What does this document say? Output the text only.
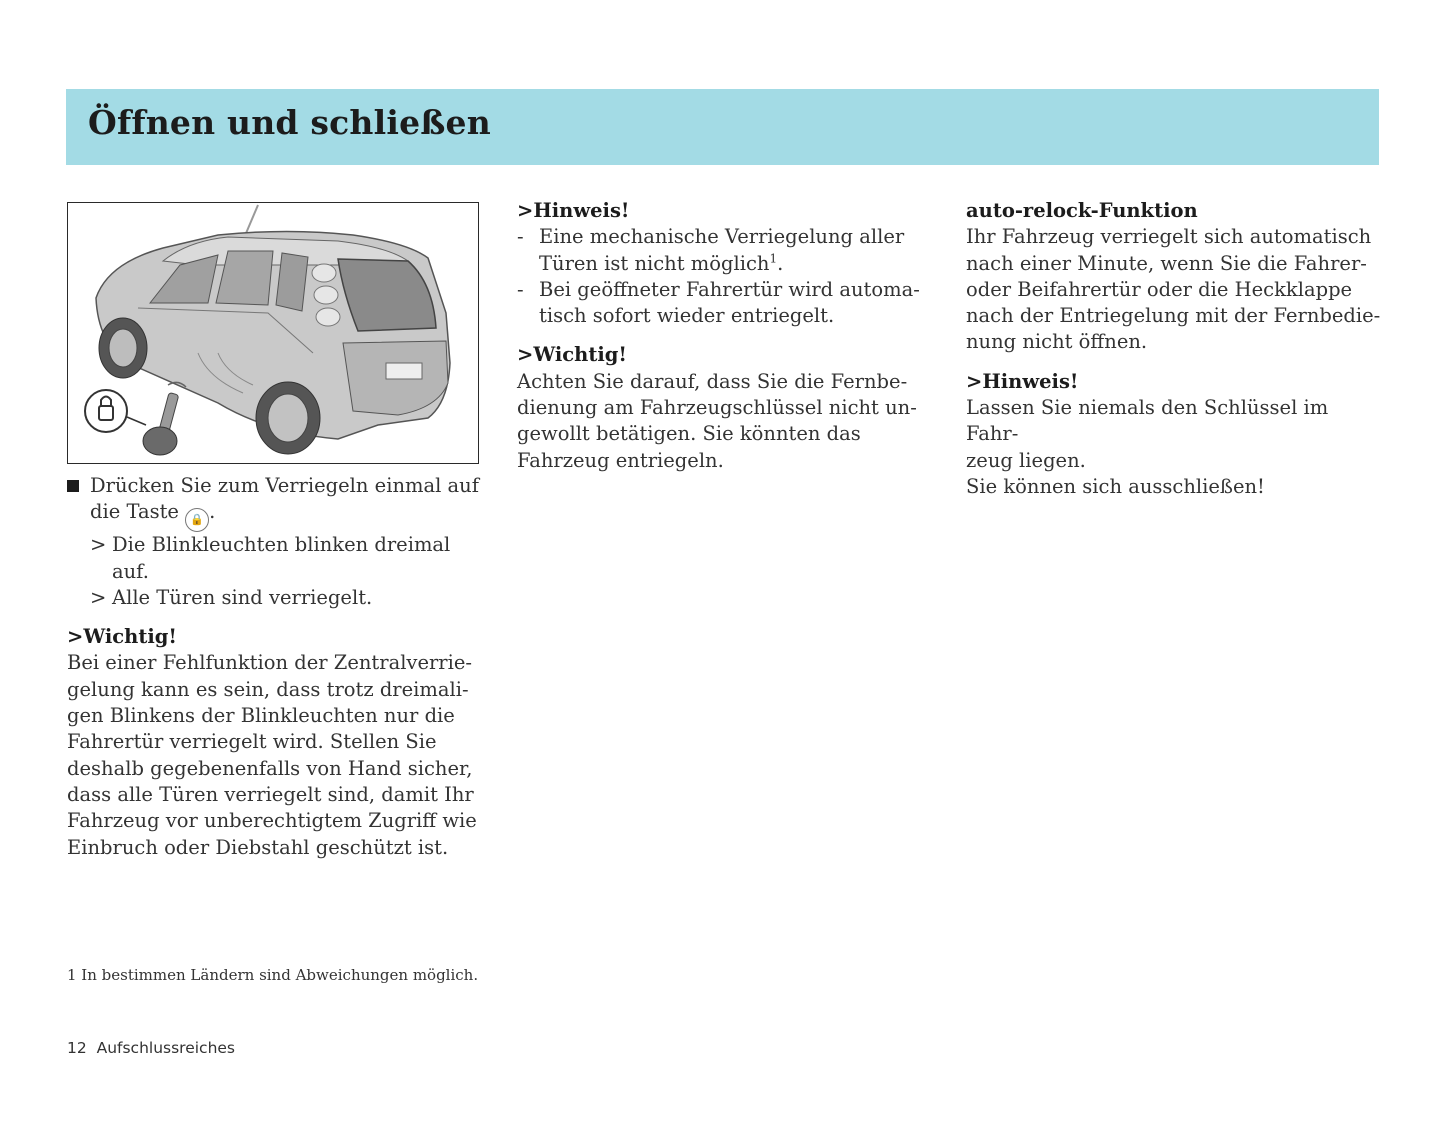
Öffnen und schließen

Drücken Sie zum Verriegeln einmal auf

die Taste 🔒 .

> Die Blinkleuchten blinken dreimal auf.
> Alle Türen sind verriegelt.

>Wichtig!

Bei einer Fehlfunktion der Zentralverrie-

gelung kann es sein, dass trotz dreimali-

gen Blinkens der Blinkleuchten nur die

Fahrertür verriegelt wird. Stellen Sie

deshalb gegebenenfalls von Hand sicher,

dass alle Türen verriegelt sind, damit Ihr

Fahrzeug vor unberechtigtem Zugriff wie

Einbruch oder Diebstahl geschützt ist.

>Hinweis!

- Eine mechanische Verriegelung aller

Türen ist nicht möglich$^1$.

- Bei geöffneter Fahrertür wird automa-

tisch sofort wieder entriegelt.

>Wichtig!

Achten Sie darauf, dass Sie die Fernbe-

dienung am Fahrzeugschlüssel nicht un-

gewollt betätigen. Sie könnten das

Fahrzeug entriegeln.

auto-relock-Funktion

Ihr Fahrzeug verriegelt sich automatisch

nach einer Minute, wenn Sie die Fahrer-

oder Beifahrertür oder die Heckklappe

nach der Entriegelung mit der Fernbedie-

nung nicht öffnen.

>Hinweis!

Lassen Sie niemals den Schlüssel im Fahr-

zeug liegen.

Sie können sich ausschließen!

1 In bestimmen Ländern sind Abweichungen möglich.
12 Aufschlussreiches
